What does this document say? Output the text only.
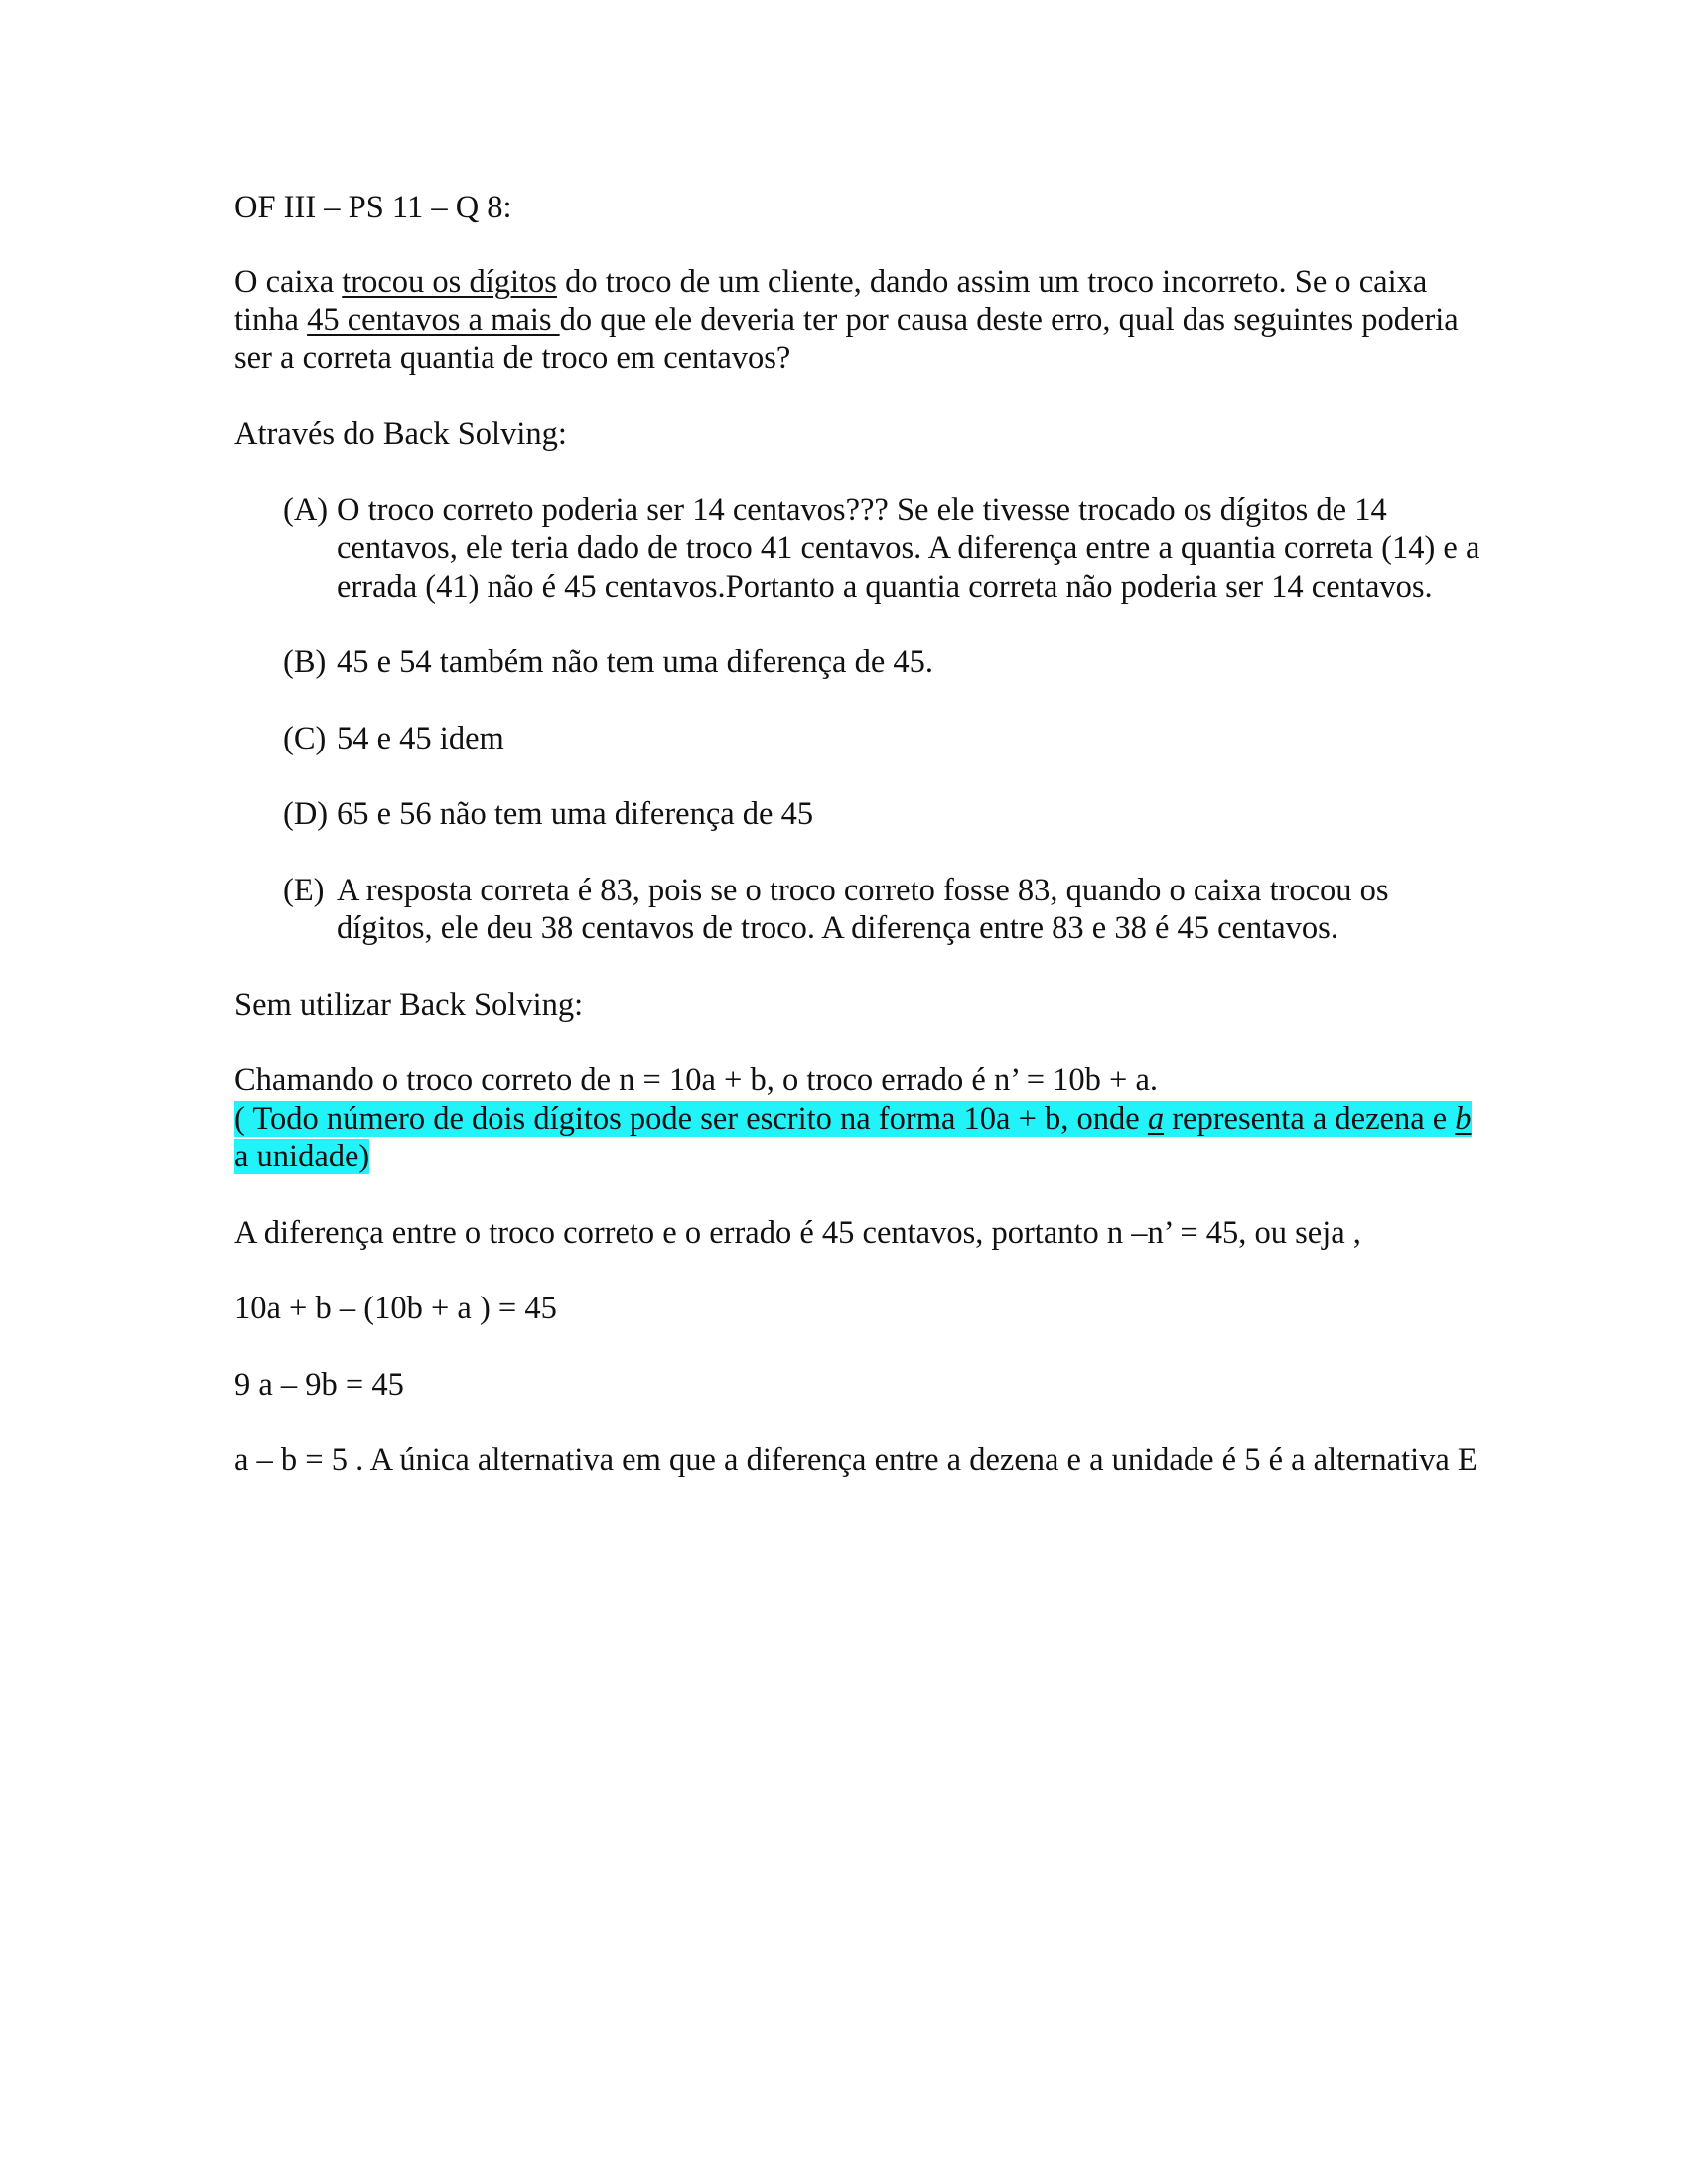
OF III – PS 11 – Q 8:

O caixa trocou os dígitos do troco de um cliente, dando assim um troco incorreto. Se o caixa tinha 45 centavos a mais do que ele deveria ter por causa deste erro, qual das seguintes poderia ser a correta quantia de troco em centavos?

Através do Back Solving:

(A) O troco correto poderia ser 14 centavos??? Se ele tivesse trocado os dígitos de 14 centavos, ele teria dado de troco 41 centavos. A diferença entre a quantia correta (14) e a errada (41) não é 45 centavos.Portanto a quantia correta não poderia ser 14 centavos.
(B) 45 e 54 também não tem uma diferença de 45.
(C) 54 e 45 idem
(D) 65 e 56 não tem uma diferença de 45
(E) A resposta correta é 83, pois se o troco correto fosse 83, quando o caixa trocou os dígitos, ele deu 38 centavos de troco. A diferença entre 83 e 38 é 45 centavos.

Sem utilizar Back Solving:

Chamando o troco correto de n = 10a + b, o troco errado é n’ = 10b + a.

( Todo número de dois dígitos pode ser escrito na forma 10a + b, onde a representa a dezena e b a unidade)

A diferença entre o troco correto e o errado é 45 centavos, portanto n –n’ = 45, ou seja ,

10a + b – (10b + a ) = 45

9 a – 9b = 45

a – b = 5 . A única alternativa em que a diferença entre a dezena e a unidade é 5 é a alternativa E
